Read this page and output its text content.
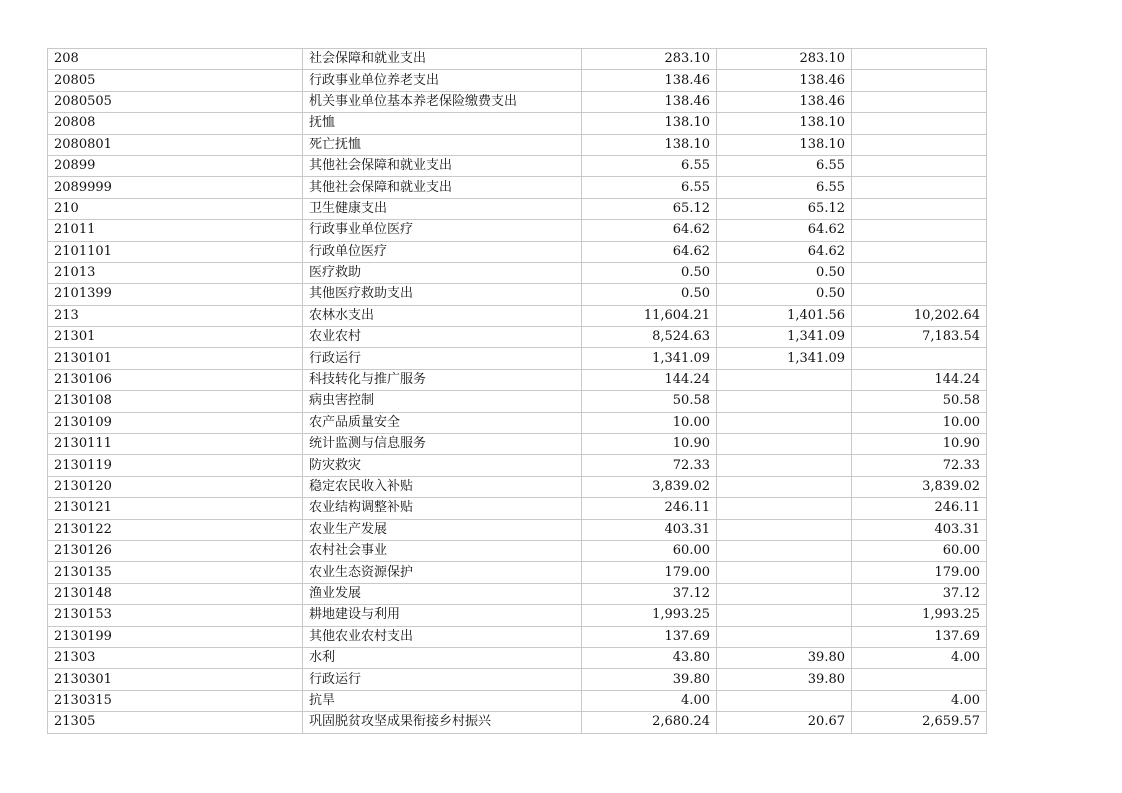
208	社会保障和就业支出	283.10	283.10	
20805	行政事业单位养老支出	138.46	138.46	
2080505	机关事业单位基本养老保险缴费支出	138.46	138.46	
20808	抚恤	138.10	138.10	
2080801	死亡抚恤	138.10	138.10	
20899	其他社会保障和就业支出	6.55	6.55	
2089999	其他社会保障和就业支出	6.55	6.55	
210	卫生健康支出	65.12	65.12	
21011	行政事业单位医疗	64.62	64.62	
2101101	行政单位医疗	64.62	64.62	
21013	医疗救助	0.50	0.50	
2101399	其他医疗救助支出	0.50	0.50	
213	农林水支出	11,604.21	1,401.56	10,202.64
21301	农业农村	8,524.63	1,341.09	7,183.54
2130101	行政运行	1,341.09	1,341.09	
2130106	科技转化与推广服务	144.24		144.24
2130108	病虫害控制	50.58		50.58
2130109	农产品质量安全	10.00		10.00
2130111	统计监测与信息服务	10.90		10.90
2130119	防灾救灾	72.33		72.33
2130120	稳定农民收入补贴	3,839.02		3,839.02
2130121	农业结构调整补贴	246.11		246.11
2130122	农业生产发展	403.31		403.31
2130126	农村社会事业	60.00		60.00
2130135	农业生态资源保护	179.00		179.00
2130148	渔业发展	37.12		37.12
2130153	耕地建设与利用	1,993.25		1,993.25
2130199	其他农业农村支出	137.69		137.69
21303	水利	43.80	39.80	4.00
2130301	行政运行	39.80	39.80	
2130315	抗旱	4.00		4.00
21305	巩固脱贫攻坚成果衔接乡村振兴	2,680.24	20.67	2,659.57
